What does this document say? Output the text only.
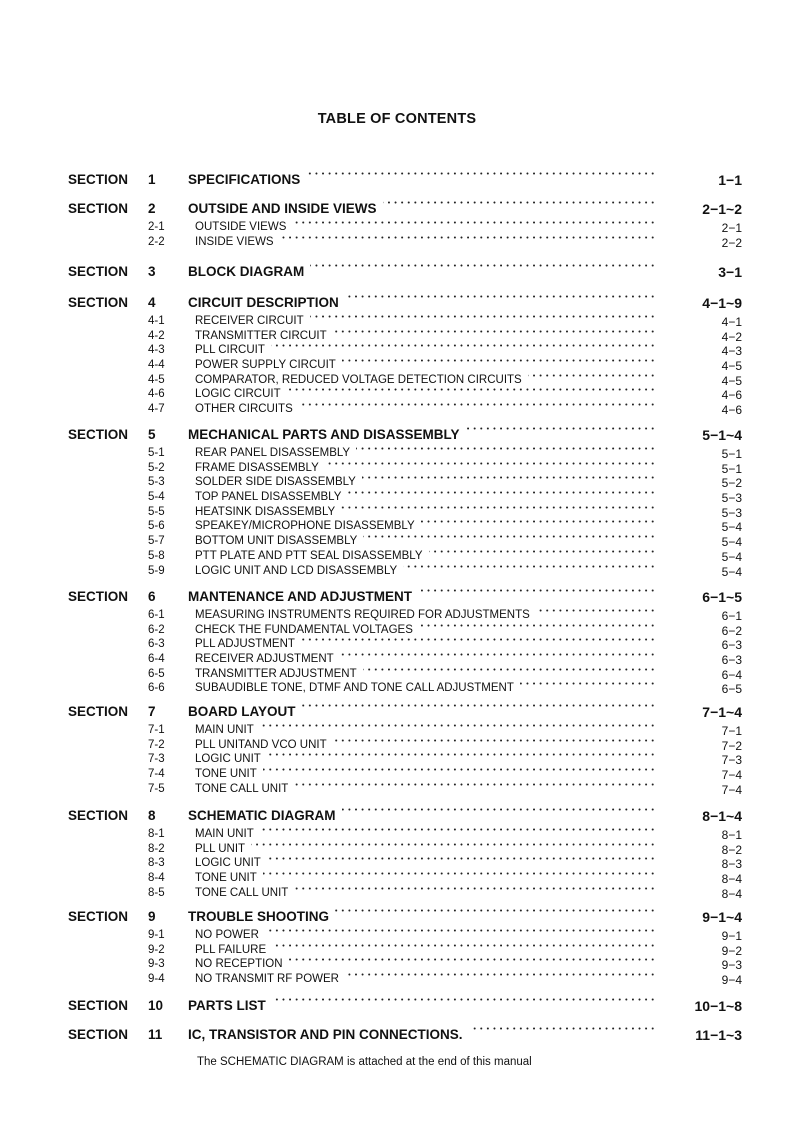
TABLE OF CONTENTS
SECTION 1 SPECIFICATIONS	1−1
SECTION 2 OUTSIDE AND INSIDE VIEWS	2−1~2
2-1	OUTSIDE VIEWS	2−1
2-2	INSIDE VIEWS	2−2
SECTION 3 BLOCK DIAGRAM	3−1
SECTION 4 CIRCUIT DESCRIPTION	4−1~9
4-1	RECEIVER CIRCUIT	4−1
4-2	TRANSMITTER CIRCUIT	4−2
4-3	PLL CIRCUIT	4−3
4-4	POWER SUPPLY CIRCUIT	4−5
4-5	COMPARATOR, REDUCED VOLTAGE DETECTION CIRCUITS	4−5
4-6	LOGIC CIRCUIT	4−6
4-7	OTHER CIRCUITS	4−6
SECTION 5 MECHANICAL PARTS AND DISASSEMBLY	5−1~4
5-1	REAR PANEL DISASSEMBLY	5−1
5-2	FRAME DISASSEMBLY	5−1
5-3	SOLDER SIDE DISASSEMBLY	5−2
5-4	TOP PANEL DISASSEMBLY	5−3
5-5	HEATSINK DISASSEMBLY	5−3
5-6	SPEAKEY/MICROPHONE DISASSEMBLY	5−4
5-7	BOTTOM UNIT DISASSEMBLY	5−4
5-8	PTT PLATE AND PTT SEAL DISASSEMBLY	5−4
5-9	LOGIC UNIT AND LCD DISASSEMBLY	5−4
SECTION 6 MANTENANCE AND ADJUSTMENT	6−1~5
6-1	MEASURING INSTRUMENTS REQUIRED FOR ADJUSTMENTS	6−1
6-2	CHECK THE FUNDAMENTAL VOLTAGES	6−2
6-3	PLL ADJUSTMENT	6−3
6-4	RECEIVER ADJUSTMENT	6−3
6-5	TRANSMITTER ADJUSTMENT	6−4
6-6	SUBAUDIBLE TONE, DTMF AND TONE CALL ADJUSTMENT	6−5
SECTION 7 BOARD LAYOUT	7−1~4
7-1	MAIN UNIT	7−1
7-2	PLL UNITAND VCO UNIT	7−2
7-3	LOGIC UNIT	7−3
7-4	TONE UNIT	7−4
7-5	TONE CALL UNIT	7−4
SECTION 8 SCHEMATIC DIAGRAM	8−1~4
8-1	MAIN UNIT	8−1
8-2	PLL UNIT	8−2
8-3	LOGIC UNIT	8−3
8-4	TONE UNIT	8−4
8-5	TONE CALL UNIT	8−4
SECTION 9 TROUBLE SHOOTING	9−1~4
9-1	NO POWER	9−1
9-2	PLL FAILURE	9−2
9-3	NO RECEPTION	9−3
9-4	NO TRANSMIT RF POWER	9−4
SECTION 10 PARTS LIST	10−1~8
SECTION 11 IC, TRANSISTOR AND PIN CONNECTIONS.	11−1~3
The SCHEMATIC DIAGRAM is attached at the end of this manual
